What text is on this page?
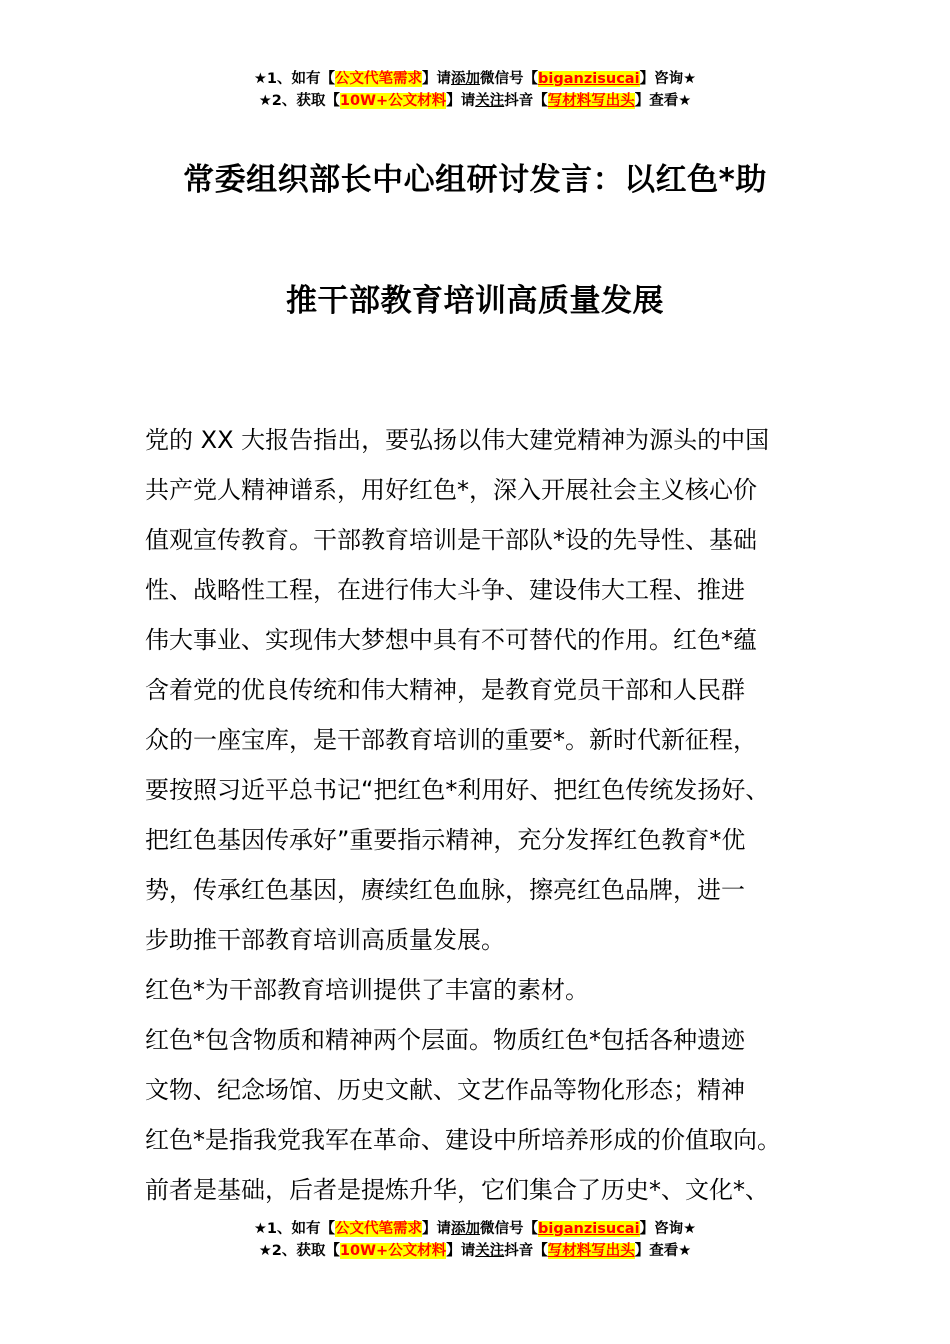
★1、如有【公文代笔需求】请添加微信号【biganzisucai】咨询★
★2、获取【10W+公文材料】请关注抖音【写材料写出头】查看★
常委组织部长中心组研讨发言：以红色*助
推干部教育培训高质量发展
党的 XX 大报告指出，要弘扬以伟大建党精神为源头的中国
共产党人精神谱系，用好红色*，深入开展社会主义核心价
值观宣传教育。干部教育培训是干部队*设的先导性、基础
性、战略性工程，在进行伟大斗争、建设伟大工程、推进
伟大事业、实现伟大梦想中具有不可替代的作用。红色*蕴
含着党的优良传统和伟大精神，是教育党员干部和人民群
众的一座宝库，是干部教育培训的重要*。新时代新征程，
要按照习近平总书记“把红色*利用好、把红色传统发扬好、
把红色基因传承好”重要指示精神，充分发挥红色教育*优
势，传承红色基因，赓续红色血脉，擦亮红色品牌，进一
步助推干部教育培训高质量发展。
红色*为干部教育培训提供了丰富的素材。
红色*包含物质和精神两个层面。物质红色*包括各种遗迹
文物、纪念场馆、历史文献、文艺作品等物化形态；精神
红色*是指我党我军在革命、建设中所培养形成的价值取向。
前者是基础，后者是提炼升华，它们集合了历史*、文化*、
★1、如有【公文代笔需求】请添加微信号【biganzisucai】咨询★
★2、获取【10W+公文材料】请关注抖音【写材料写出头】查看★
